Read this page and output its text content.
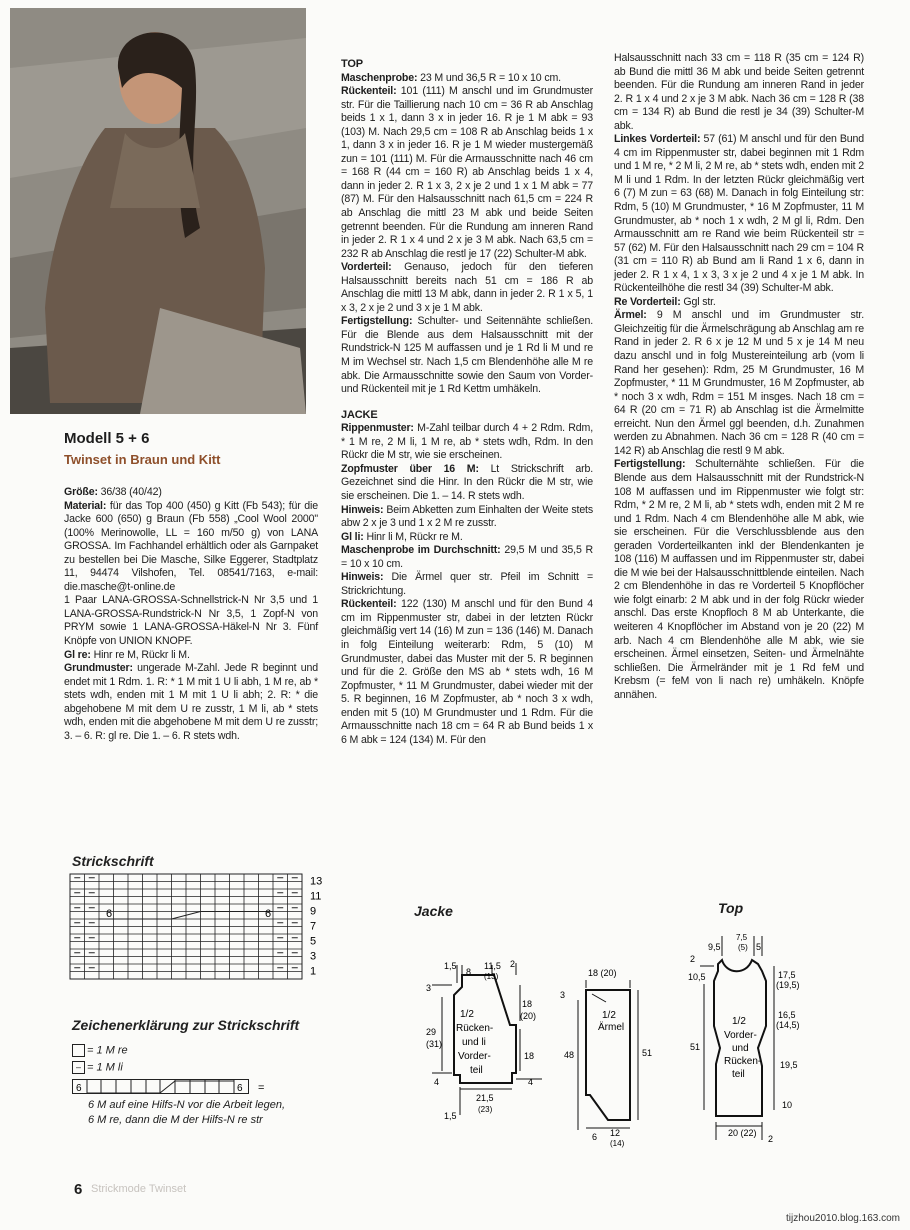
Modell 5 + 6
Twinset in Braun und Kitt

Größe: 36/38 (40/42)

Material: für das Top 400 (450) g Kitt (Fb 543); für die Jacke 600 (650) g Braun (Fb 558) „Cool Wool 2000" (100% Merinowolle, LL = 160 m/50 g) von LANA GROSSA. Im Fachhandel erhältlich oder als Garnpaket zu bestellen bei Die Masche, Silke Eggerer, Stadtplatz 11, 94474 Vilshofen, Tel. 08541/7163, e-mail: die.masche@t-online.de

1 Paar LANA-GROSSA-Schnellstrick-N Nr 3,5 und 1 LANA-GROSSA-Rundstrick-N Nr 3,5, 1 Zopf-N von PRYM sowie 1 LANA-GROSSA-Häkel-N Nr 3. Fünf Knöpfe von UNION KNOPF.

Gl re: Hinr re M, Rückr li M.

Grundmuster: ungerade M-Zahl. Jede R beginnt und endet mit 1 Rdm. 1. R: * 1 M mit 1 U li abh, 1 M re, ab * stets wdh, enden mit 1 M mit 1 U li abh; 2. R: * die abgehobene M mit dem U re zusstr, 1 M li, ab * stets wdh, enden mit die abgehobene M mit dem U re zusstr; 3. – 6. R: gl re. Die 1. – 6. R stets wdh.

TOP

Maschenprobe: 23 M und 36,5 R = 10 x 10 cm.

Rückenteil: 101 (111) M anschl und im Grundmuster str. Für die Taillierung nach 10 cm = 36 R ab Anschlag beids 1 x 1, dann 3 x in jeder 16. R je 1 M abk = 93 (103) M. Nach 29,5 cm = 108 R ab Anschlag beids 1 x 1, dann 3 x in jeder 16. R je 1 M wieder mustergemäß zun = 101 (111) M. Für die Armausschnitte nach 46 cm = 168 R (44 cm = 160 R) ab Anschlag beids 1 x 4, dann in jeder 2. R 1 x 3, 2 x je 2 und 1 x 1 M abk = 77 (87) M. Für den Halsausschnitt nach 61,5 cm = 224 R ab Anschlag die mittl 23 M abk und beide Seiten getrennt beenden. Für die Rundung am inneren Rand in jeder 2. R 1 x 4 und 2 x je 3 M abk. Nach 63,5 cm = 232 R ab Anschlag die restl je 17 (22) Schulter-M abk.

Vorderteil: Genauso, jedoch für den tieferen Halsausschnitt bereits nach 51 cm = 186 R ab Anschlag die mittl 13 M abk, dann in jeder 2. R 1 x 5, 1 x 3, 2 x je 2 und 3 x je 1 M abk.

Fertigstellung: Schulter- und Seitennähte schließen. Für die Blende aus dem Halsausschnitt mit der Rundstrick-N 125 M auffassen und je 1 Rd li M und re M im Wechsel str. Nach 1,5 cm Blendenhöhe alle M re abk. Die Armausschnitte sowie den Saum von Vorder- und Rückenteil mit je 1 Rd Kettm umhäkeln.

JACKE

Rippenmuster: M-Zahl teilbar durch 4 + 2 Rdm. Rdm, * 1 M re, 2 M li, 1 M re, ab * stets wdh, Rdm. In den Rückr die M str, wie sie erscheinen.

Zopfmuster über 16 M: Lt Strickschrift arb. Gezeichnet sind die Hinr. In den Rückr die M str, wie sie erscheinen. Die 1. – 14. R stets wdh.

Hinweis: Beim Abketten zum Einhalten der Weite stets abw 2 x je 3 und 1 x 2 M re zusstr.

Gl li: Hinr li M, Rückr re M.

Maschenprobe im Durchschnitt: 29,5 M und 35,5 R = 10 x 10 cm.

Hinweis: Die Ärmel quer str. Pfeil im Schnitt = Strickrichtung.

Rückenteil: 122 (130) M anschl und für den Bund 4 cm im Rippenmuster str, dabei in der letzten Rückr gleichmäßig vert 14 (16) M zun = 136 (146) M. Danach in folg Einteilung weiterarb: Rdm, 5 (10) M Grundmuster, dabei das Muster mit der 5. R beginnen und für die 2. Größe den MS ab * stets wdh, 16 M Zopfmuster, * 11 M Grundmuster, dabei wieder mit der 5. R beginnen, 16 M Zopfmuster, ab * noch 3 x wdh, enden mit 5 (10) M Grundmuster und 1 Rdm. Für die Armausschnitte nach 18 cm = 64 R ab Bund beids 1 x 6 M abk = 124 (134) M. Für den

Halsausschnitt nach 33 cm = 118 R (35 cm = 124 R) ab Bund die mittl 36 M abk und beide Seiten getrennt beenden. Für die Rundung am inneren Rand in jeder 2. R 1 x 4 und 2 x je 3 M abk. Nach 36 cm = 128 R (38 cm = 134 R) ab Bund die restl je 34 (39) Schulter-M abk.

Linkes Vorderteil: 57 (61) M anschl und für den Bund 4 cm im Rippenmuster str, dabei beginnen mit 1 Rdm und 1 M re, * 2 M li, 2 M re, ab * stets wdh, enden mit 2 M li und 1 Rdm. In der letzten Rückr gleichmäßig vert 6 (7) M zun = 63 (68) M. Danach in folg Einteilung str: Rdm, 5 (10) M Grundmuster, * 16 M Zopfmuster, 11 M Grundmuster, ab * noch 1 x wdh, 2 M gl li, Rdm. Den Armausschnitt am re Rand wie beim Rückenteil str = 57 (62) M. Für den Halsausschnitt nach 29 cm = 104 R (31 cm = 110 R) ab Bund am li Rand 1 x 6, dann in jeder 2. R 1 x 4, 1 x 3, 3 x je 2 und 4 x je 1 M abk. In Rückenteilhöhe die restl 34 (39) Schulter-M abk.

Re Vorderteil: Ggl str.

Ärmel: 9 M anschl und im Grundmuster str. Gleichzeitig für die Ärmelschrägung ab Anschlag am re Rand in jeder 2. R 6 x je 12 M und 5 x je 14 M neu dazu anschl und in folg Mustereinteilung arb (vom li Rand her gesehen): Rdm, 25 M Grundmuster, 16 M Zopfmuster, * 11 M Grundmuster, 16 M Zopfmuster, ab * noch 3 x wdh, Rdm = 151 M insges. Nach 18 cm = 64 R (20 cm = 71 R) ab Anschlag ist die Ärmelmitte erreicht. Nun den Ärmel ggl beenden, d.h. Zunahmen werden zu Abnahmen. Nach 36 cm = 128 R (40 cm = 142 R) ab Anschlag die restl 9 M abk.

Fertigstellung: Schulternähte schließen. Für die Blende aus dem Halsausschnitt mit der Rundstrick-N 108 M auffassen und im Rippenmuster wie folgt str: Rdm, * 2 M re, 2 M li, ab * stets wdh, enden mit 2 M re und 1 Rdm. Nach 4 cm Blendenhöhe alle M abk, wie sie erscheinen. Für die Verschlussblende aus den geraden Vorderteilkanten inkl der Blendenkanten je 108 (116) M auffassen und im Rippenmuster str, dabei die M wie bei der Halsausschnittblende einteilen. Nach 2 cm Blendenhöhe in das re Vorderteil 5 Knopflöcher wie folgt einarb: 2 M abk und in der folg Rückr wieder anschl. Das erste Knopfloch 8 M ab Unterkante, die weiteren 4 Knopflöcher im Abstand von je 20 (22) M arb. Nach 4 cm Blendenhöhe alle M abk, wie sie erscheinen. Ärmel einsetzen, Seiten- und Ärmelnähte schließen. Die Ärmelränder mit je 1 Rd feM und Krebsm (= feM von li nach re) umhäkeln. Knöpfe annähen.

Strickschrift
6	6
13
11
9
7
5
3
1
Zeichenerklärung zur Strickschrift
= 1 M re
– = 1 M li
6	6 =
6 M auf eine Hilfs-N vor die Arbeit legen, 6 M re, dann die M der Hilfs-N re str
Jacke	Top
1/2
Rücken-
und li
Vorder-
teil
1,5
8
11,5
(13)
2
3
18
(20)
29
(31)
18
4	4
21,5
(23)
1,5
18 (20)
3
1/2
Ärmel
48	51
6 12
(14)
9,5
7,5
(5) 5
2
10,5	17,5
(19,5)
16,5
(14,5)
51
19,5
10
20 (22)
2
1/2
Vorder-
und
Rücken-
teil
6 Strickmode Twinset
tijzhou2010.blog.163.com
